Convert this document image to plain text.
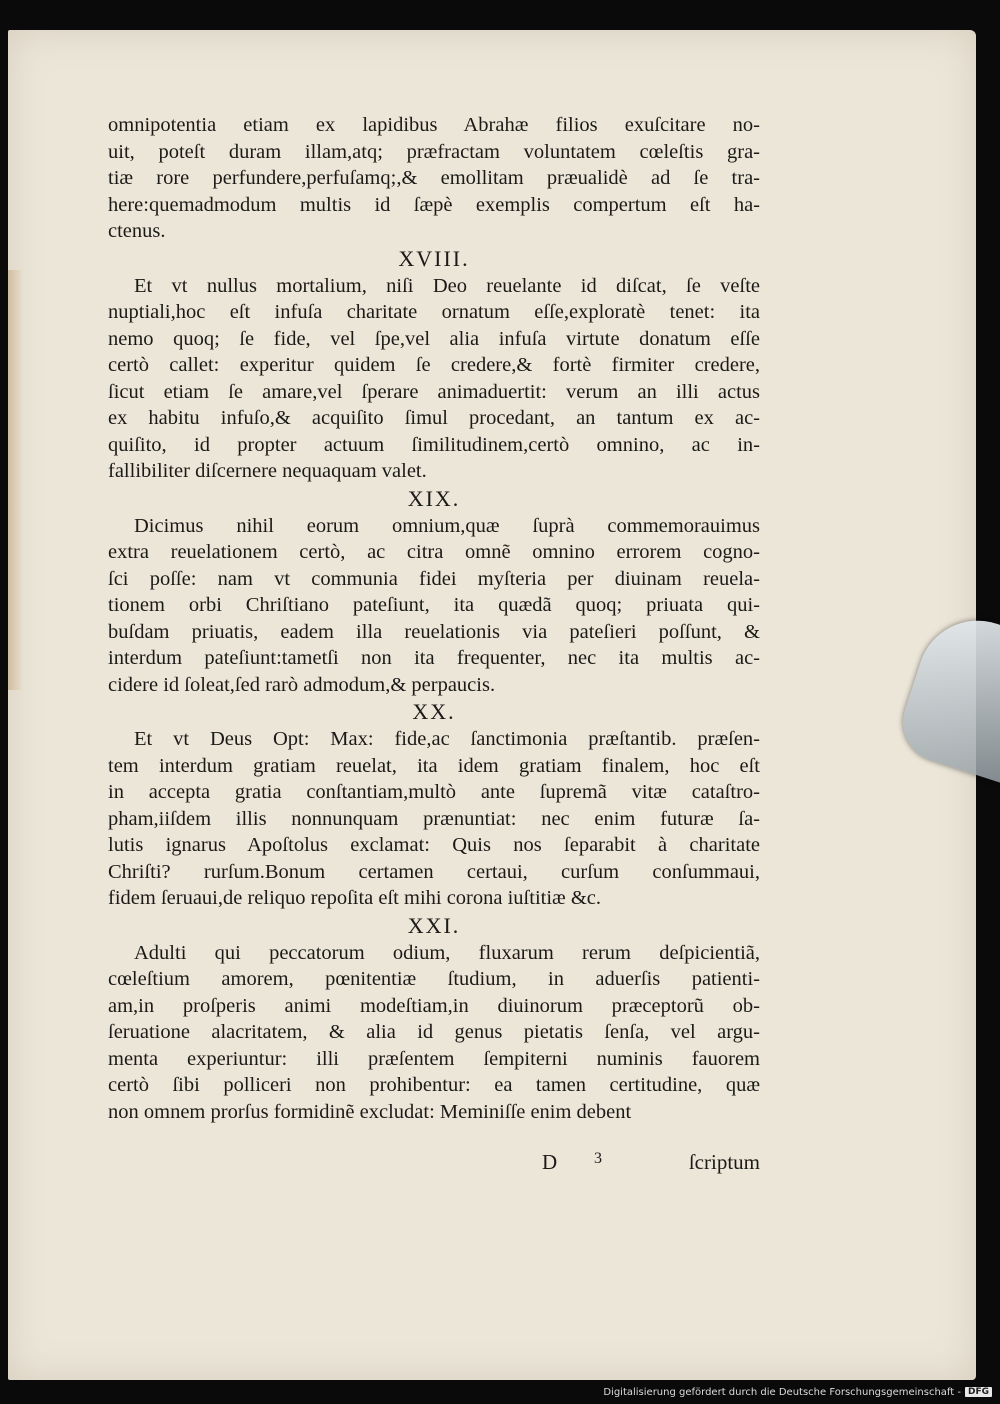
omnipotentia etiam ex lapidibus Abrahæ filios exuſcitare no-
uit, poteſt duram illam,atq; præfractam voluntatem cœleſtis gra-
tiæ rore perfundere,perfuſamq;,& emollitam præualidè ad ſe tra-
here:quemadmodum multis id ſæpè exemplis compertum eſt ha-
ctenus.
XVIII.
Et vt nullus mortalium, niſi Deo reuelante id diſcat, ſe veſte
nuptiali,hoc eſt infuſa charitate ornatum eſſe,exploratè tenet: ita
nemo quoq; ſe fide, vel ſpe,vel alia infuſa virtute donatum eſſe
certò callet: experitur quidem ſe credere,& fortè firmiter credere,
ſicut etiam ſe amare,vel ſperare animaduertit: verum an illi actus
ex habitu infuſo,& acquiſito ſimul procedant, an tantum ex ac-
quiſito, id propter actuum ſimilitudinem,certò omnino, ac in-
fallibiliter diſcernere nequaquam valet.
XIX.
Dicimus nihil eorum omnium,quæ ſuprà commemorauimus
extra reuelationem certò, ac citra omnẽ omnino errorem cogno-
ſci poſſe: nam vt communia fidei myſteria per diuinam reuela-
tionem orbi Chriſtiano pateſiunt, ita quædã quoq; priuata qui-
buſdam priuatis, eadem illa reuelationis via pateſieri poſſunt, &
interdum pateſiunt:tametſi non ita frequenter, nec ita multis ac-
cidere id ſoleat,ſed rarò admodum,& perpaucis.
XX.
Et vt Deus Opt: Max: fide,ac ſanctimonia præſtantib. præſen-
tem interdum gratiam reuelat, ita idem gratiam finalem, hoc eſt
in accepta gratia conſtantiam,multò ante ſupremã vitæ cataſtro-
pham,iiſdem illis nonnunquam prænuntiat: nec enim futuræ ſa-
lutis ignarus Apoſtolus exclamat: Quis nos ſeparabit à charitate
Chriſti? rurſum.Bonum certamen certaui, curſum conſummaui,
fidem ſeruaui,de reliquo repoſita eſt mihi corona iuſtitiæ &c.
XXI.
Adulti qui peccatorum odium, fluxarum rerum deſpicientiã,
cœleſtium amorem, pœnitentiæ ſtudium, in aduerſis patienti-
am,in proſperis animi modeſtiam,in diuinorum præceptorũ ob-
ſeruatione alacritatem, & alia id genus pietatis ſenſa, vel argu-
menta experiuntur: illi præſentem ſempiterni numinis fauorem
certò ſibi polliceri non prohibentur: ea tamen certitudine, quæ
non omnem prorſus formidinẽ excludat: Meminiſſe enim debent
D 3	ſcriptum
Digitalisierung gefördert durch die Deutsche Forschungsgemeinschaft - DFG
